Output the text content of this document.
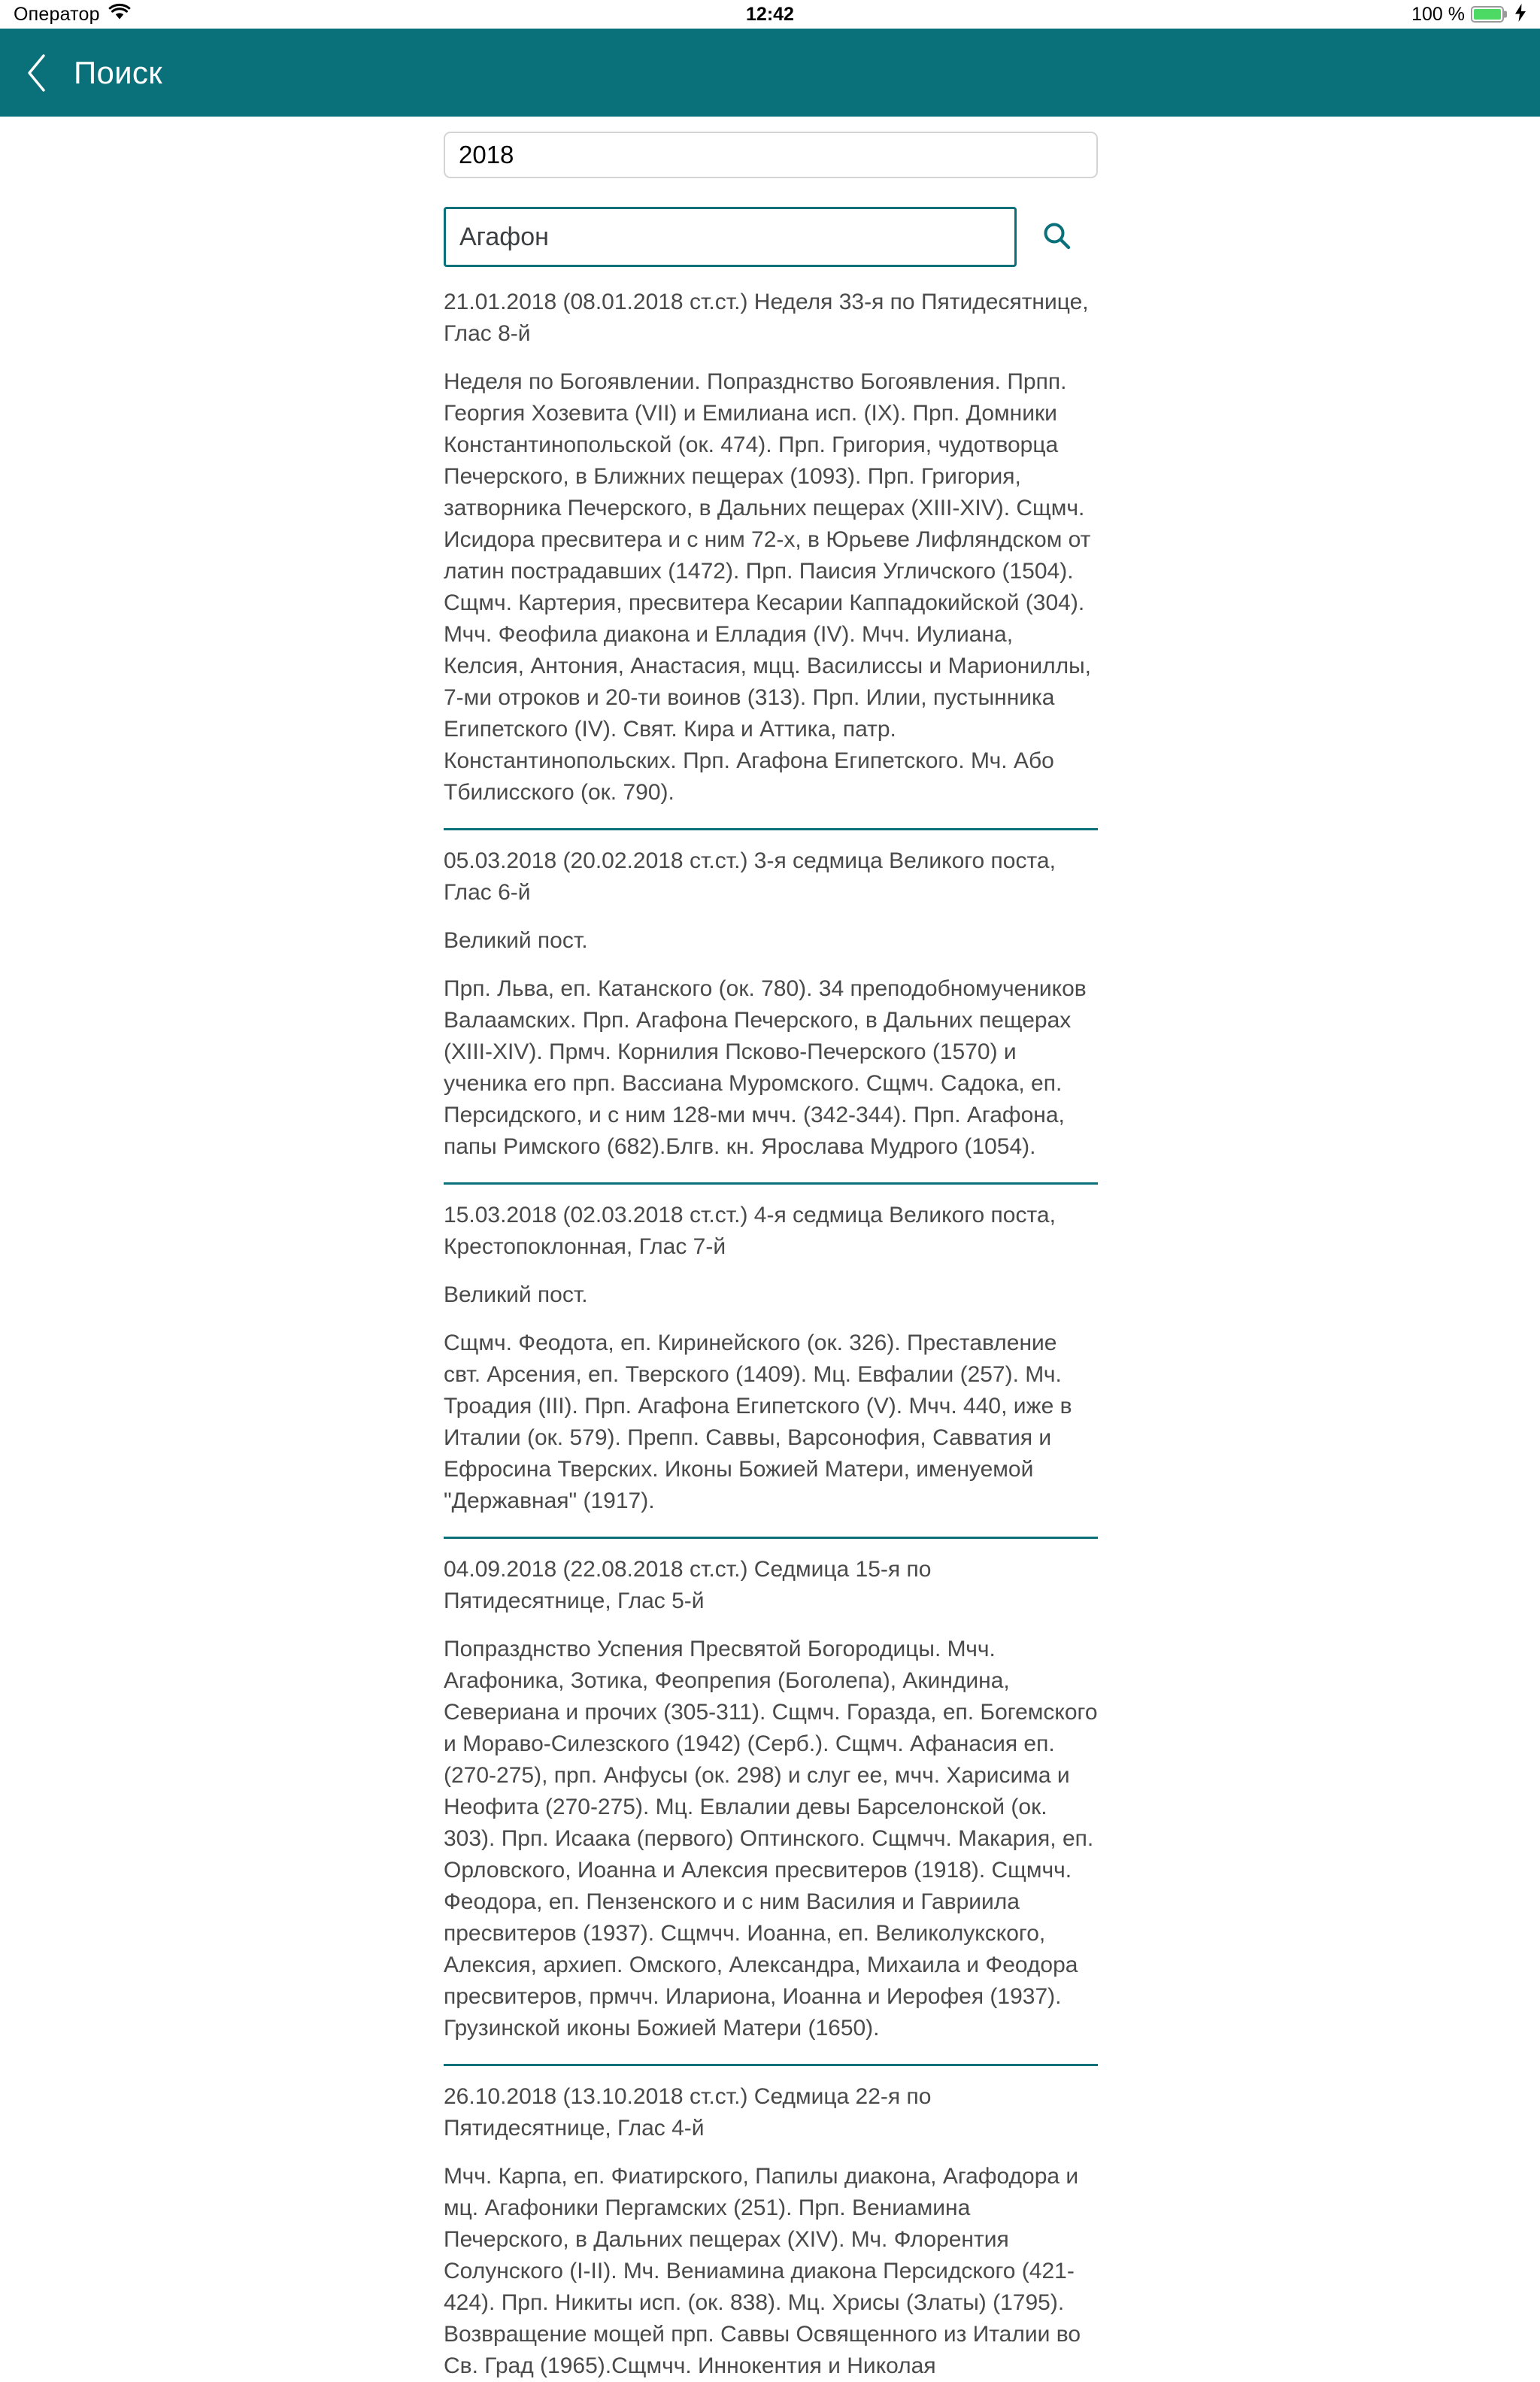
Оператор	12:42	100 %
Поиск
2018
Агафон
21.01.2018 (08.01.2018 ст.ст.) Неделя 33-я по Пятидесятнице, Глас 8-й
Неделя по Богоявлении. Попразднство Богоявления. Прпп. Георгия Хозевита (VII) и Емилиана исп. (IX). Прп. Домники Константинопольской (ок. 474). Прп. Григория, чудотворца Печерского, в Ближних пещерах (1093). Прп. Григория, затворника Печерского, в Дальних пещерах (XIII-XIV). Сщмч. Исидора пресвитера и с ним 72-х, в Юрьеве Лифляндском от латин пострадавших (1472). Прп. Паисия Угличского (1504). Сщмч. Картерия, пресвитера Кесарии Каппадокийской (304). Мчч. Феофила диакона и Елладия (IV). Мчч. Иулиана, Келсия, Антония, Анастасия, мцц. Василиссы и Мариониллы, 7-ми отроков и 20-ти воинов (313). Прп. Илии, пустынника Египетского (IV). Свят. Кира и Аттика, патр. Константинопольских. Прп. Агафона Египетского. Мч. Або Тбилисского (ок. 790).
05.03.2018 (20.02.2018 ст.ст.) 3-я седмица Великого поста, Глас 6-й
Великий пост.
Прп. Льва, еп. Катанского (ок. 780). 34 преподобномучеников Валаамских. Прп. Агафона Печерского, в Дальних пещерах (XIII-XIV). Прмч. Корнилия Псково-Печерского (1570) и ученика его прп. Вассиана Муромского. Сщмч. Садока, еп. Персидского, и с ним 128-ми мчч. (342-344). Прп. Агафона, папы Римского (682).Блгв. кн. Ярослава Мудрого (1054).
15.03.2018 (02.03.2018 ст.ст.) 4-я седмица Великого поста, Крестопоклонная, Глас 7-й
Великий пост.
Сщмч. Феодота, еп. Киринейского (ок. 326). Преставление свт. Арсения, еп. Тверского (1409). Мц. Евфалии (257). Мч. Троадия (III). Прп. Агафона Египетского (V). Мчч. 440, иже в Италии (ок. 579). Препп. Саввы, Варсонофия, Савватия и Ефросина Тверских. Иконы Божией Матери, именуемой "Державная" (1917).
04.09.2018 (22.08.2018 ст.ст.) Седмица 15-я по Пятидесятнице, Глас 5-й
Попразднство Успения Пресвятой Богородицы. Мчч. Агафоника, Зотика, Феопрепия (Боголепа), Акиндина, Севериана и прочих (305-311). Сщмч. Горазда, еп. Богемского и Мораво-Силезского (1942) (Серб.). Сщмч. Афанасия еп. (270-275), прп. Анфусы (ок. 298) и слуг ее, мчч. Харисима и Неофита (270-275). Мц. Евлалии девы Барселонской (ок. 303). Прп. Исаака (первого) Оптинского. Сщмчч. Макария, еп. Орловского, Иоанна и Алексия пресвитеров (1918). Сщмчч. Феодора, еп. Пензенского и с ним Василия и Гавриила пресвитеров (1937). Сщмчч. Иоанна, еп. Великолукского, Алексия, архиеп. Омского, Александра, Михаила и Феодора пресвитеров, прмчч. Илариона, Иоанна и Иерофея (1937). Грузинской иконы Божией Матери (1650).
26.10.2018 (13.10.2018 ст.ст.) Седмица 22-я по Пятидесятнице, Глас 4-й
Мчч. Карпа, еп. Фиатирского, Папилы диакона, Агафодора и мц. Агафоники Пергамских (251). Прп. Вениамина Печерского, в Дальних пещерах (XIV). Мч. Флорентия Солунского (I-II). Мч. Вениамина диакона Персидского (421-424). Прп. Никиты исп. (ок. 838). Мц. Хрисы (Златы) (1795). Возвращение мощей прп. Саввы Освященного из Италии во Св. Град (1965).Сщмчч. Иннокентия и Николая
